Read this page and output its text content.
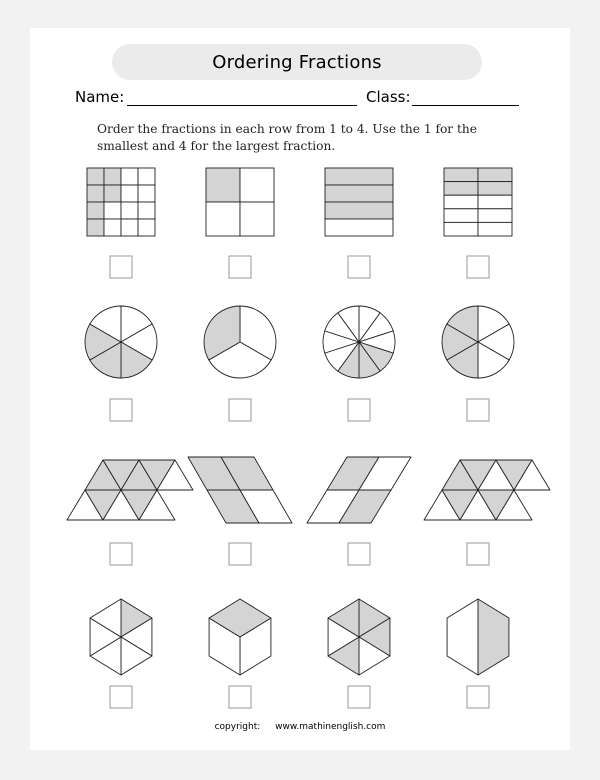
Ordering Fractions
Name:	Class:
Order the fractions in each row from 1 to 4. Use the 1 for the smallest and 4 for the largest fraction.
copyright: www.mathinenglish.com
